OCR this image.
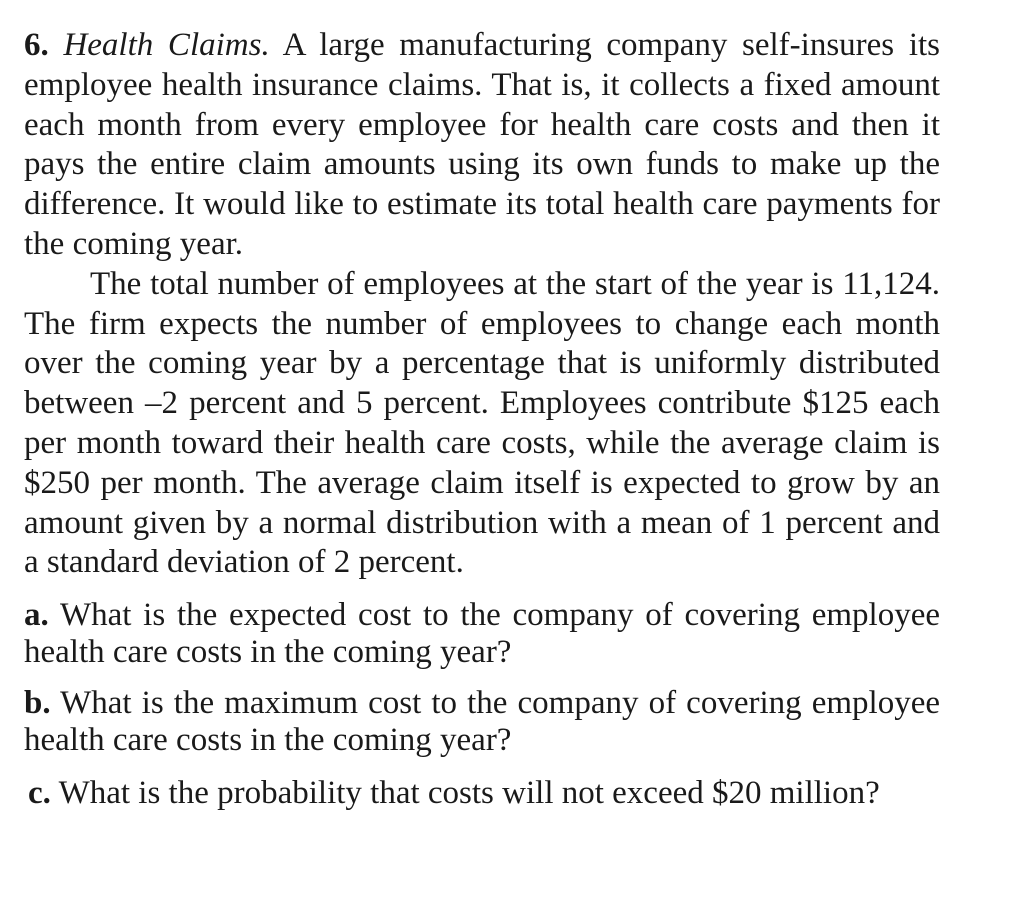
6. Health Claims. A large manufacturing company self-insures its employee health insurance claims. That is, it collects a fixed amount each month from every employee for health care costs and then it pays the entire claim amounts using its own funds to make up the difference. It would like to estimate its total health care payments for the coming year.

The total number of employees at the start of the year is 11,124. The firm expects the number of employees to change each month over the coming year by a percentage that is uniformly distributed between –2 percent and 5 percent. Employees contribute $125 each per month toward their health care costs, while the average claim is $250 per month. The average claim itself is expected to grow by an amount given by a normal distribution with a mean of 1 percent and a standard deviation of 2 percent.

a. What is the expected cost to the company of covering employee health care costs in the coming year?

b. What is the maximum cost to the company of covering employee health care costs in the coming year?

c. What is the probability that costs will not exceed $20 million?
